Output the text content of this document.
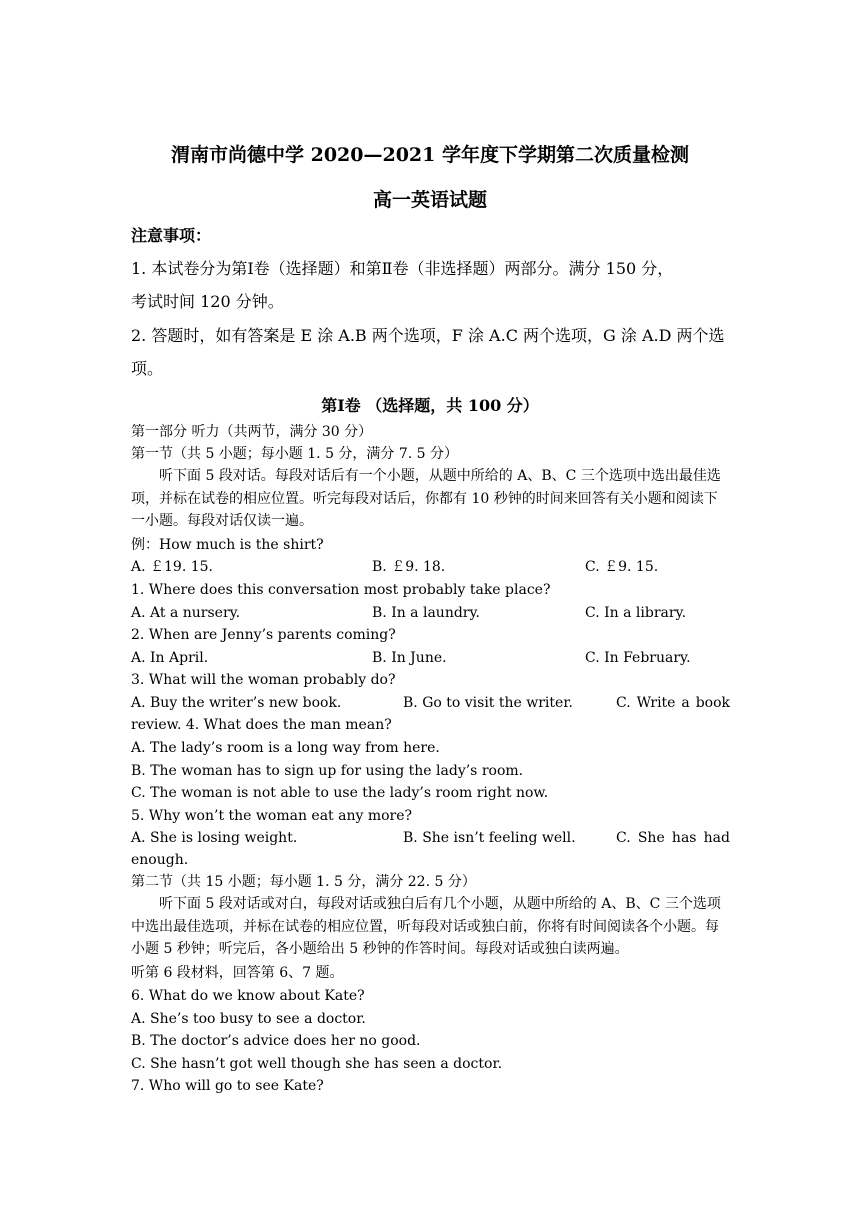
渭南市尚德中学 2020—2021 学年度下学期第二次质量检测
高一英语试题
注意事项：
1. 本试卷分为第Ⅰ卷（选择题）和第Ⅱ卷（非选择题）两部分。满分 150 分，
考试时间 120 分钟。
2. 答题时，如有答案是 E 涂 A.B 两个选项，F 涂 A.C 两个选项，G 涂 A.D 两个选
项。
第Ⅰ卷 （选择题，共 100 分）
第一部分 听力（共两节，满分 30 分）
第一节（共 5 小题；每小题 1. 5 分，满分 7. 5 分）
听下面 5 段对话。每段对话后有一个小题，从题中所给的 A、B、C 三个选项中选出最佳选项，并标在试卷的相应位置。听完每段对话后，你都有 10 秒钟的时间来回答有关小题和阅读下一小题。每段对话仅读一遍。
例：How much is the shirt?
A. ￡19. 15.	B. ￡9. 18.	C. ￡9. 15.
1. Where does this conversation most probably take place?
A. At a nursery.	B. In a laundry.	C. In a library.
2. When are Jenny’s parents coming?
A. In April.	B. In June.	C. In February.
3. What will the woman probably do?
A. Buy the writer’s new book.	B. Go to visit the writer.	C. Write a book
review. 4. What does the man mean?
A. The lady’s room is a long way from here.
B. The woman has to sign up for using the lady’s room.
C. The woman is not able to use the lady’s room right now.
5. Why won’t the woman eat any more?
A. She is losing weight.	B. She isn’t feeling well.	C. She has had
enough.
第二节（共 15 小题；每小题 1. 5 分，满分 22. 5 分）
听下面 5 段对话或对白，每段对话或独白后有几个小题，从题中所给的 A、B、C 三个选项中选出最佳选项，并标在试卷的相应位置，听每段对话或独白前，你将有时间阅读各个小题。每小题 5 秒钟；听完后，各小题给出 5 秒钟的作答时间。每段对话或独白读两遍。
听第 6 段材料，回答第 6、7 题。
6. What do we know about Kate?
A. She’s too busy to see a doctor.
B. The doctor’s advice does her no good.
C. She hasn’t got well though she has seen a doctor.
7. Who will go to see Kate?
